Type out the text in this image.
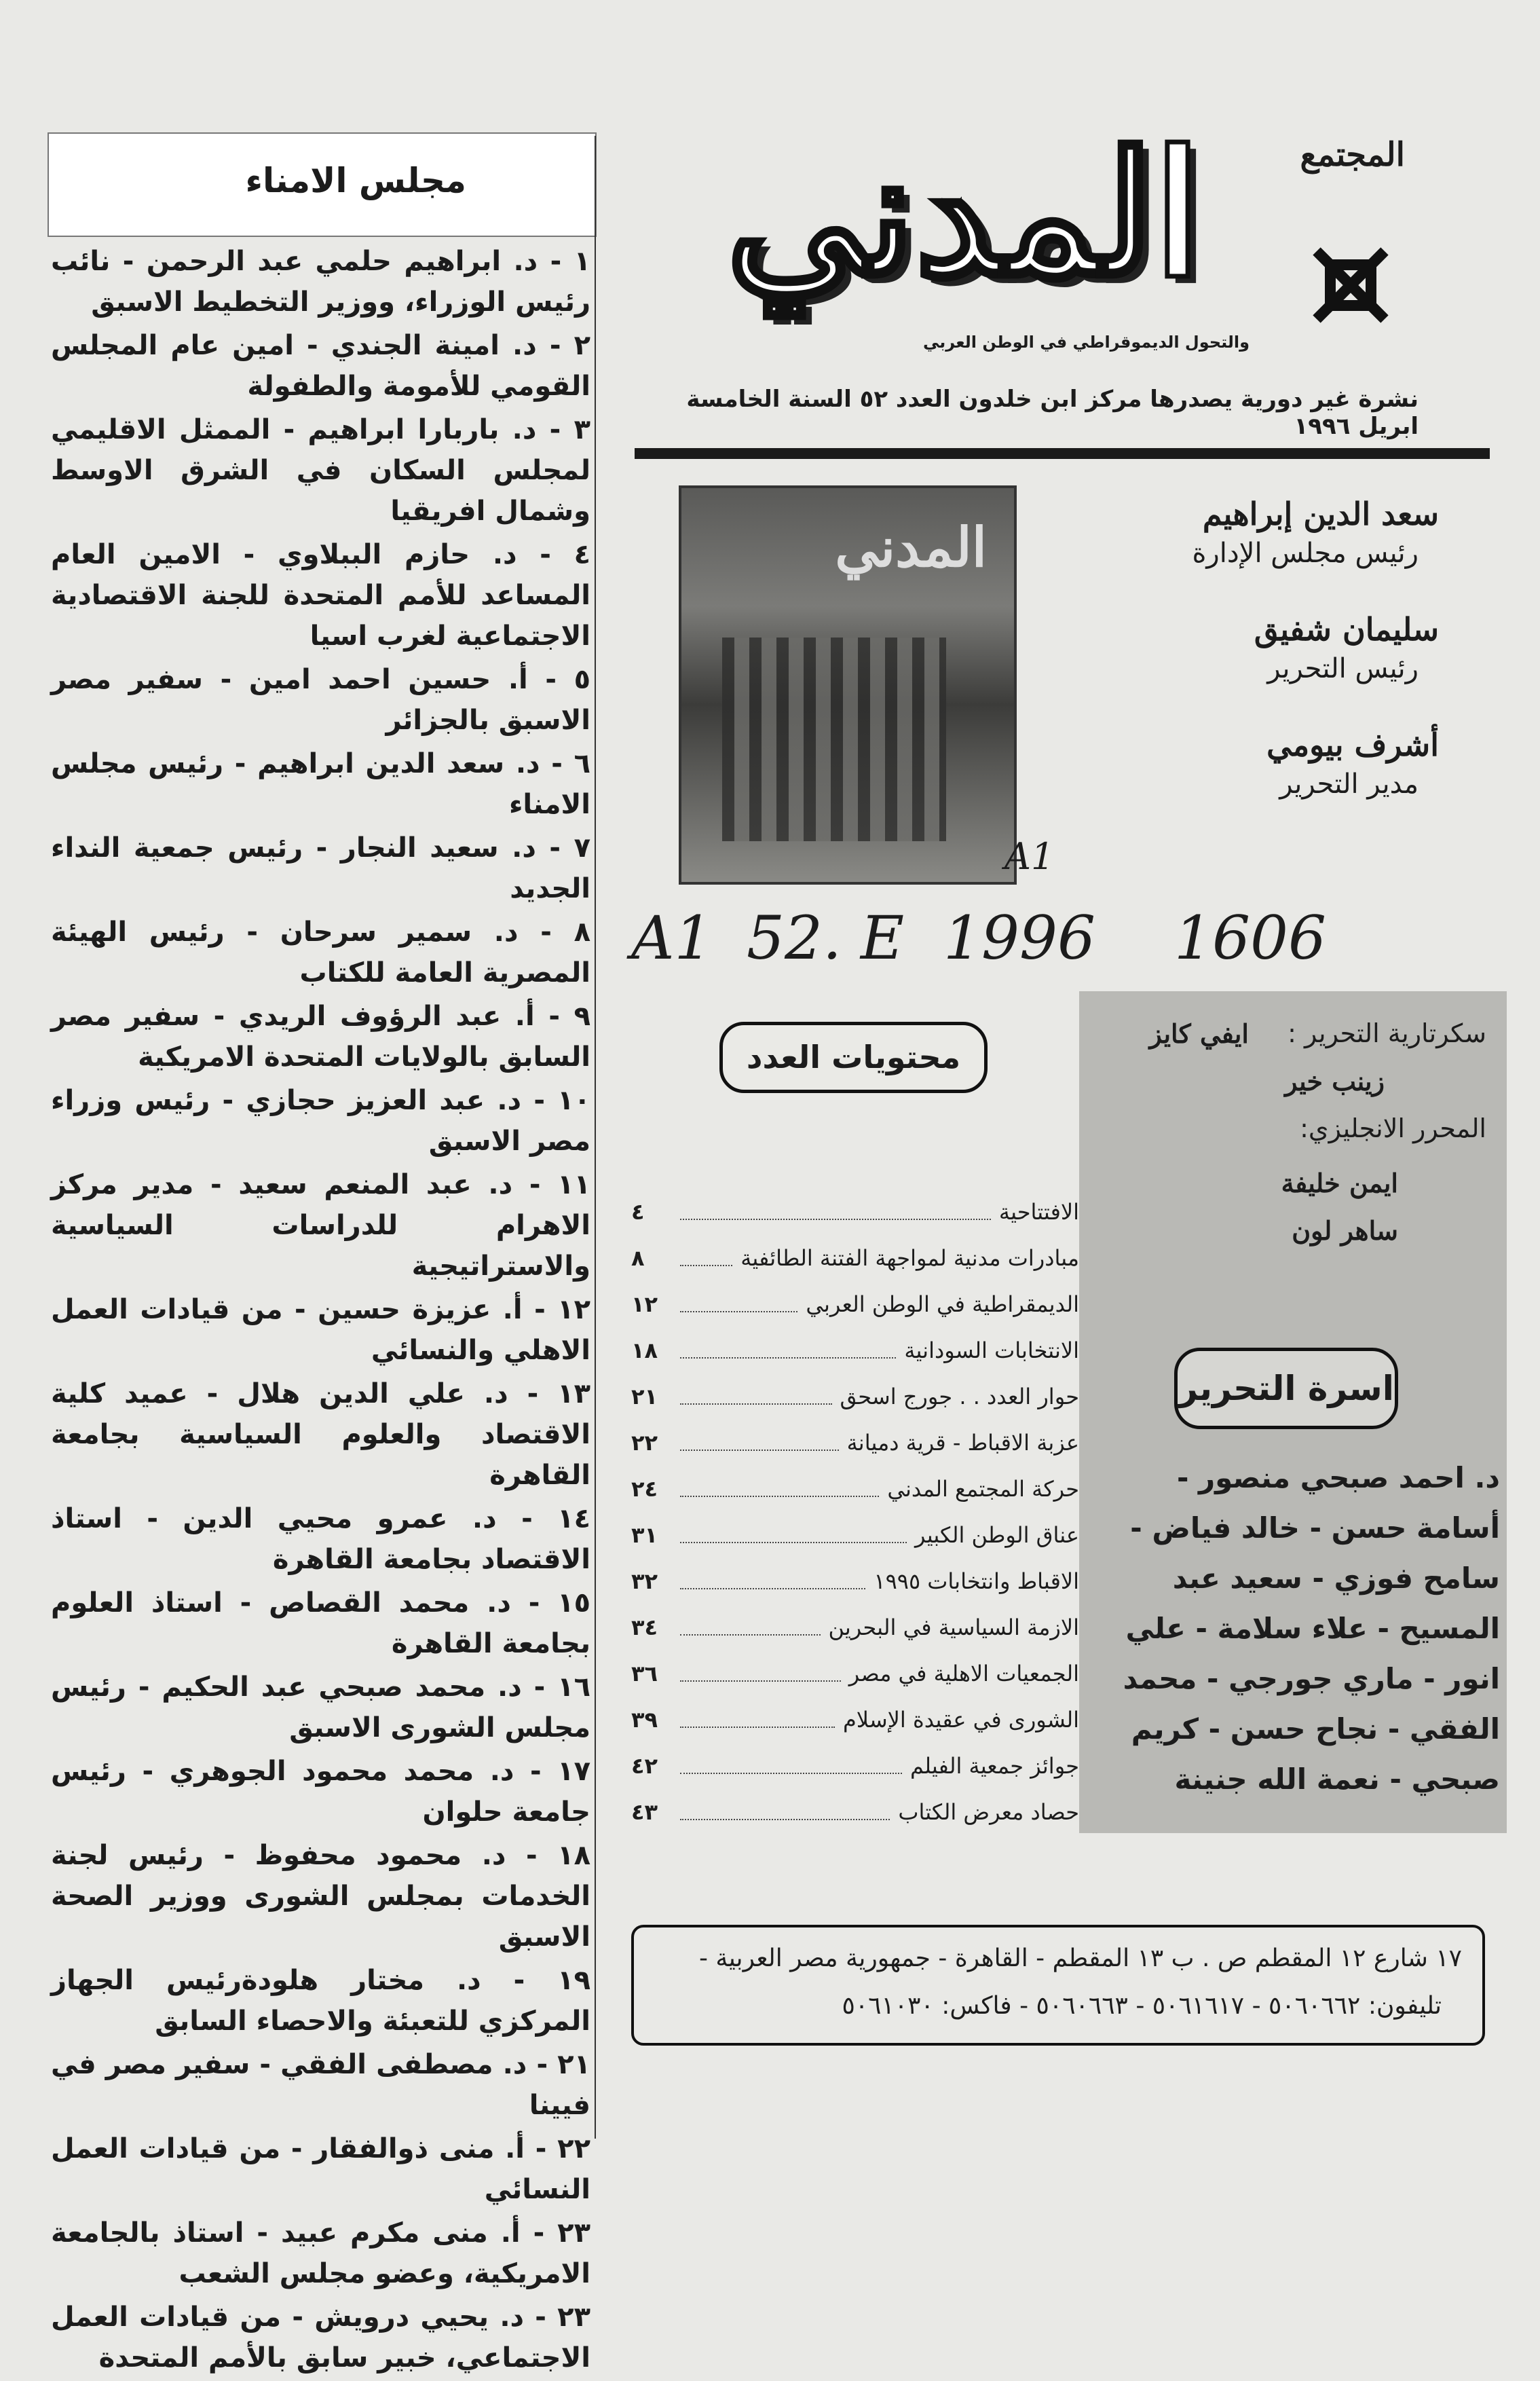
مجلس الامناء

١ - د. ابراهيم حلمي عبد الرحمن - نائب رئيس الوزراء، ووزير التخطيط الاسبق

٢ - د. امينة الجندي - امين عام المجلس القومي للأمومة والطفولة

٣ - د. باربارا ابراهيم - الممثل الاقليمي لمجلس السكان في الشرق الاوسط وشمال افريقيا

٤ - د. حازم الببلاوي - الامين العام المساعد للأمم المتحدة للجنة الاقتصادية الاجتماعية لغرب اسيا

٥ - أ. حسين احمد امين - سفير مصر الاسبق بالجزائر

٦ - د. سعد الدين ابراهيم - رئيس مجلس الامناء

٧ - د. سعيد النجار - رئيس جمعية النداء الجديد

٨ - د. سمير سرحان - رئيس الهيئة المصرية العامة للكتاب

٩ - أ. عبد الرؤوف الريدي - سفير مصر السابق بالولايات المتحدة الامريكية

١٠ - د. عبد العزيز حجازي - رئيس وزراء مصر الاسبق

١١ - د. عبد المنعم سعيد - مدير مركز الاهرام للدراسات السياسية والاستراتيجية

١٢ - أ. عزيزة حسين - من قيادات العمل الاهلي والنسائي

١٣ - د. علي الدين هلال - عميد كلية الاقتصاد والعلوم السياسية بجامعة القاهرة

١٤ - د. عمرو محيي الدين - استاذ الاقتصاد بجامعة القاهرة

١٥ - د. محمد القصاص - استاذ العلوم بجامعة القاهرة

١٦ - د. محمد صبحي عبد الحكيم - رئيس مجلس الشورى الاسبق

١٧ - د. محمد محمود الجوهري - رئيس جامعة حلوان

١٨ - د. محمود محفوظ - رئيس لجنة الخدمات بمجلس الشورى ووزير الصحة الاسبق

١٩ - د. مختار هلودةرئيس الجهاز المركزي للتعبئة والاحصاء السابق

٢١ - د. مصطفى الفقي - سفير مصر في فيينا

٢٢ - أ. منى ذوالفقار - من قيادات العمل النسائي

٢٣ - أ. منى مكرم عبيد - استاذ بالجامعة الامريكية، وعضو مجلس الشعب

٢٣ - د. يحيي درويش - من قيادات العمل الاجتماعي، خبير سابق بالأمم المتحدة

المجتمع
المدني
والتحول الديموقراطي في الوطن العربي
نشرة غير دورية يصدرها مركز ابن خلدون العدد ٥٢ السنة الخامسة ابريل ١٩٩٦
المدني
A1
سعد الدين إبراهيم
رئيس مجلس الإدارة
سليمان شفيق
رئيس التحرير
أشرف بيومي
مدير التحرير
A1 52. E 1996 1606
محتويات العدد
الافتتاحية
٤
مبادرات مدنية لمواجهة الفتنة الطائفية
٨
الديمقراطية في الوطن العربي
١٢
الانتخابات السودانية
١٨
حوار العدد . . جورج اسحق
٢١
عزبة الاقباط - قرية دميانة
٢٢
حركة المجتمع المدني
٢٤
عناق الوطن الكبير
٣١
الاقباط وانتخابات ١٩٩٥
٣٢
الازمة السياسية في البحرين
٣٤
الجمعيات الاهلية في مصر
٣٦
الشورى في عقيدة الإسلام
٣٩
جوائز جمعية الفيلم
٤٢
حصاد معرض الكتاب
٤٣
سكرتارية التحرير :
ايفي كايز
زينب خير
المحرر الانجليزي:
ايمن خليفة
ساهر لون
اسرة التحرير
د. احمد صبحي منصور - أسامة حسن - خالد فياض - سامح فوزي - سعيد عبد المسيح - علاء سلامة - علي انور - ماري جورجي - محمد الفقي - نجاح حسن - كريم صبحي - نعمة الله جنينة
١٧ شارع ١٢ المقطم ص . ب ١٣ المقطم - القاهرة - جمهورية مصر العربية -
تليفون: ٥٠٦٠٦٦٢ - ٥٠٦١٦١٧ - ٥٠٦٠٦٦٣ - فاكس: ٥٠٦١٠٣٠
